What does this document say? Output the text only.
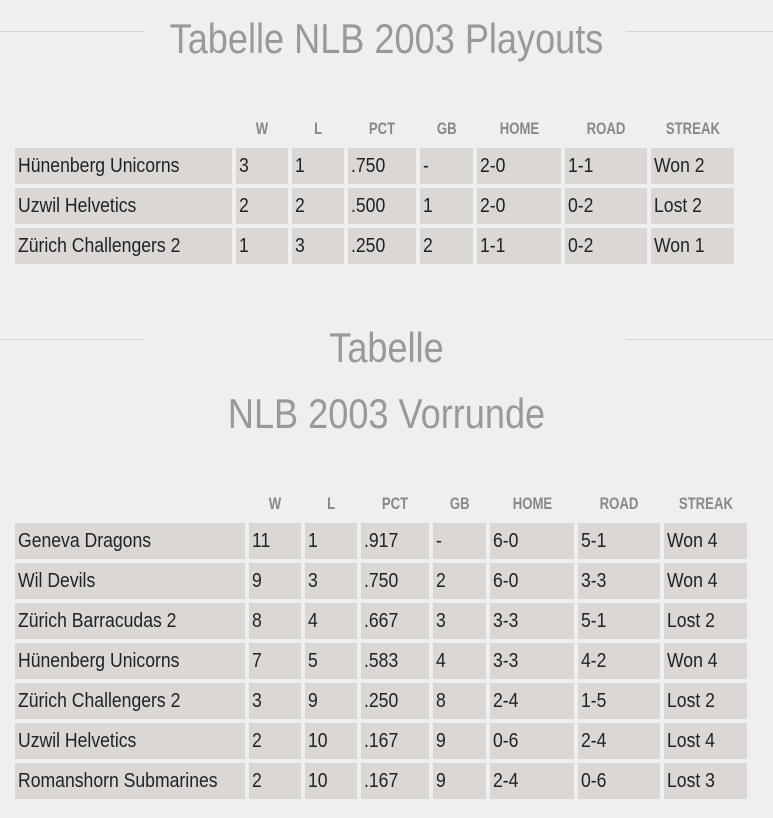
Tabelle NLB 2003 Playouts
	W	L	PCT	GB	HOME	ROAD	STREAK
Hünenberg Unicorns	3	1	.750	-	2-0	1-1	Won 2
Uzwil Helvetics	2	2	.500	1	2-0	0-2	Lost 2
Zürich Challengers 2	1	3	.250	2	1-1	0-2	Won 1
Tabelle
NLB 2003 Vorrunde
	W	L	PCT	GB	HOME	ROAD	STREAK
Geneva Dragons	11	1	.917	-	6-0	5-1	Won 4
Wil Devils	9	3	.750	2	6-0	3-3	Won 4
Zürich Barracudas 2	8	4	.667	3	3-3	5-1	Lost 2
Hünenberg Unicorns	7	5	.583	4	3-3	4-2	Won 4
Zürich Challengers 2	3	9	.250	8	2-4	1-5	Lost 2
Uzwil Helvetics	2	10	.167	9	0-6	2-4	Lost 4
Romanshorn Submarines	2	10	.167	9	2-4	0-6	Lost 3
